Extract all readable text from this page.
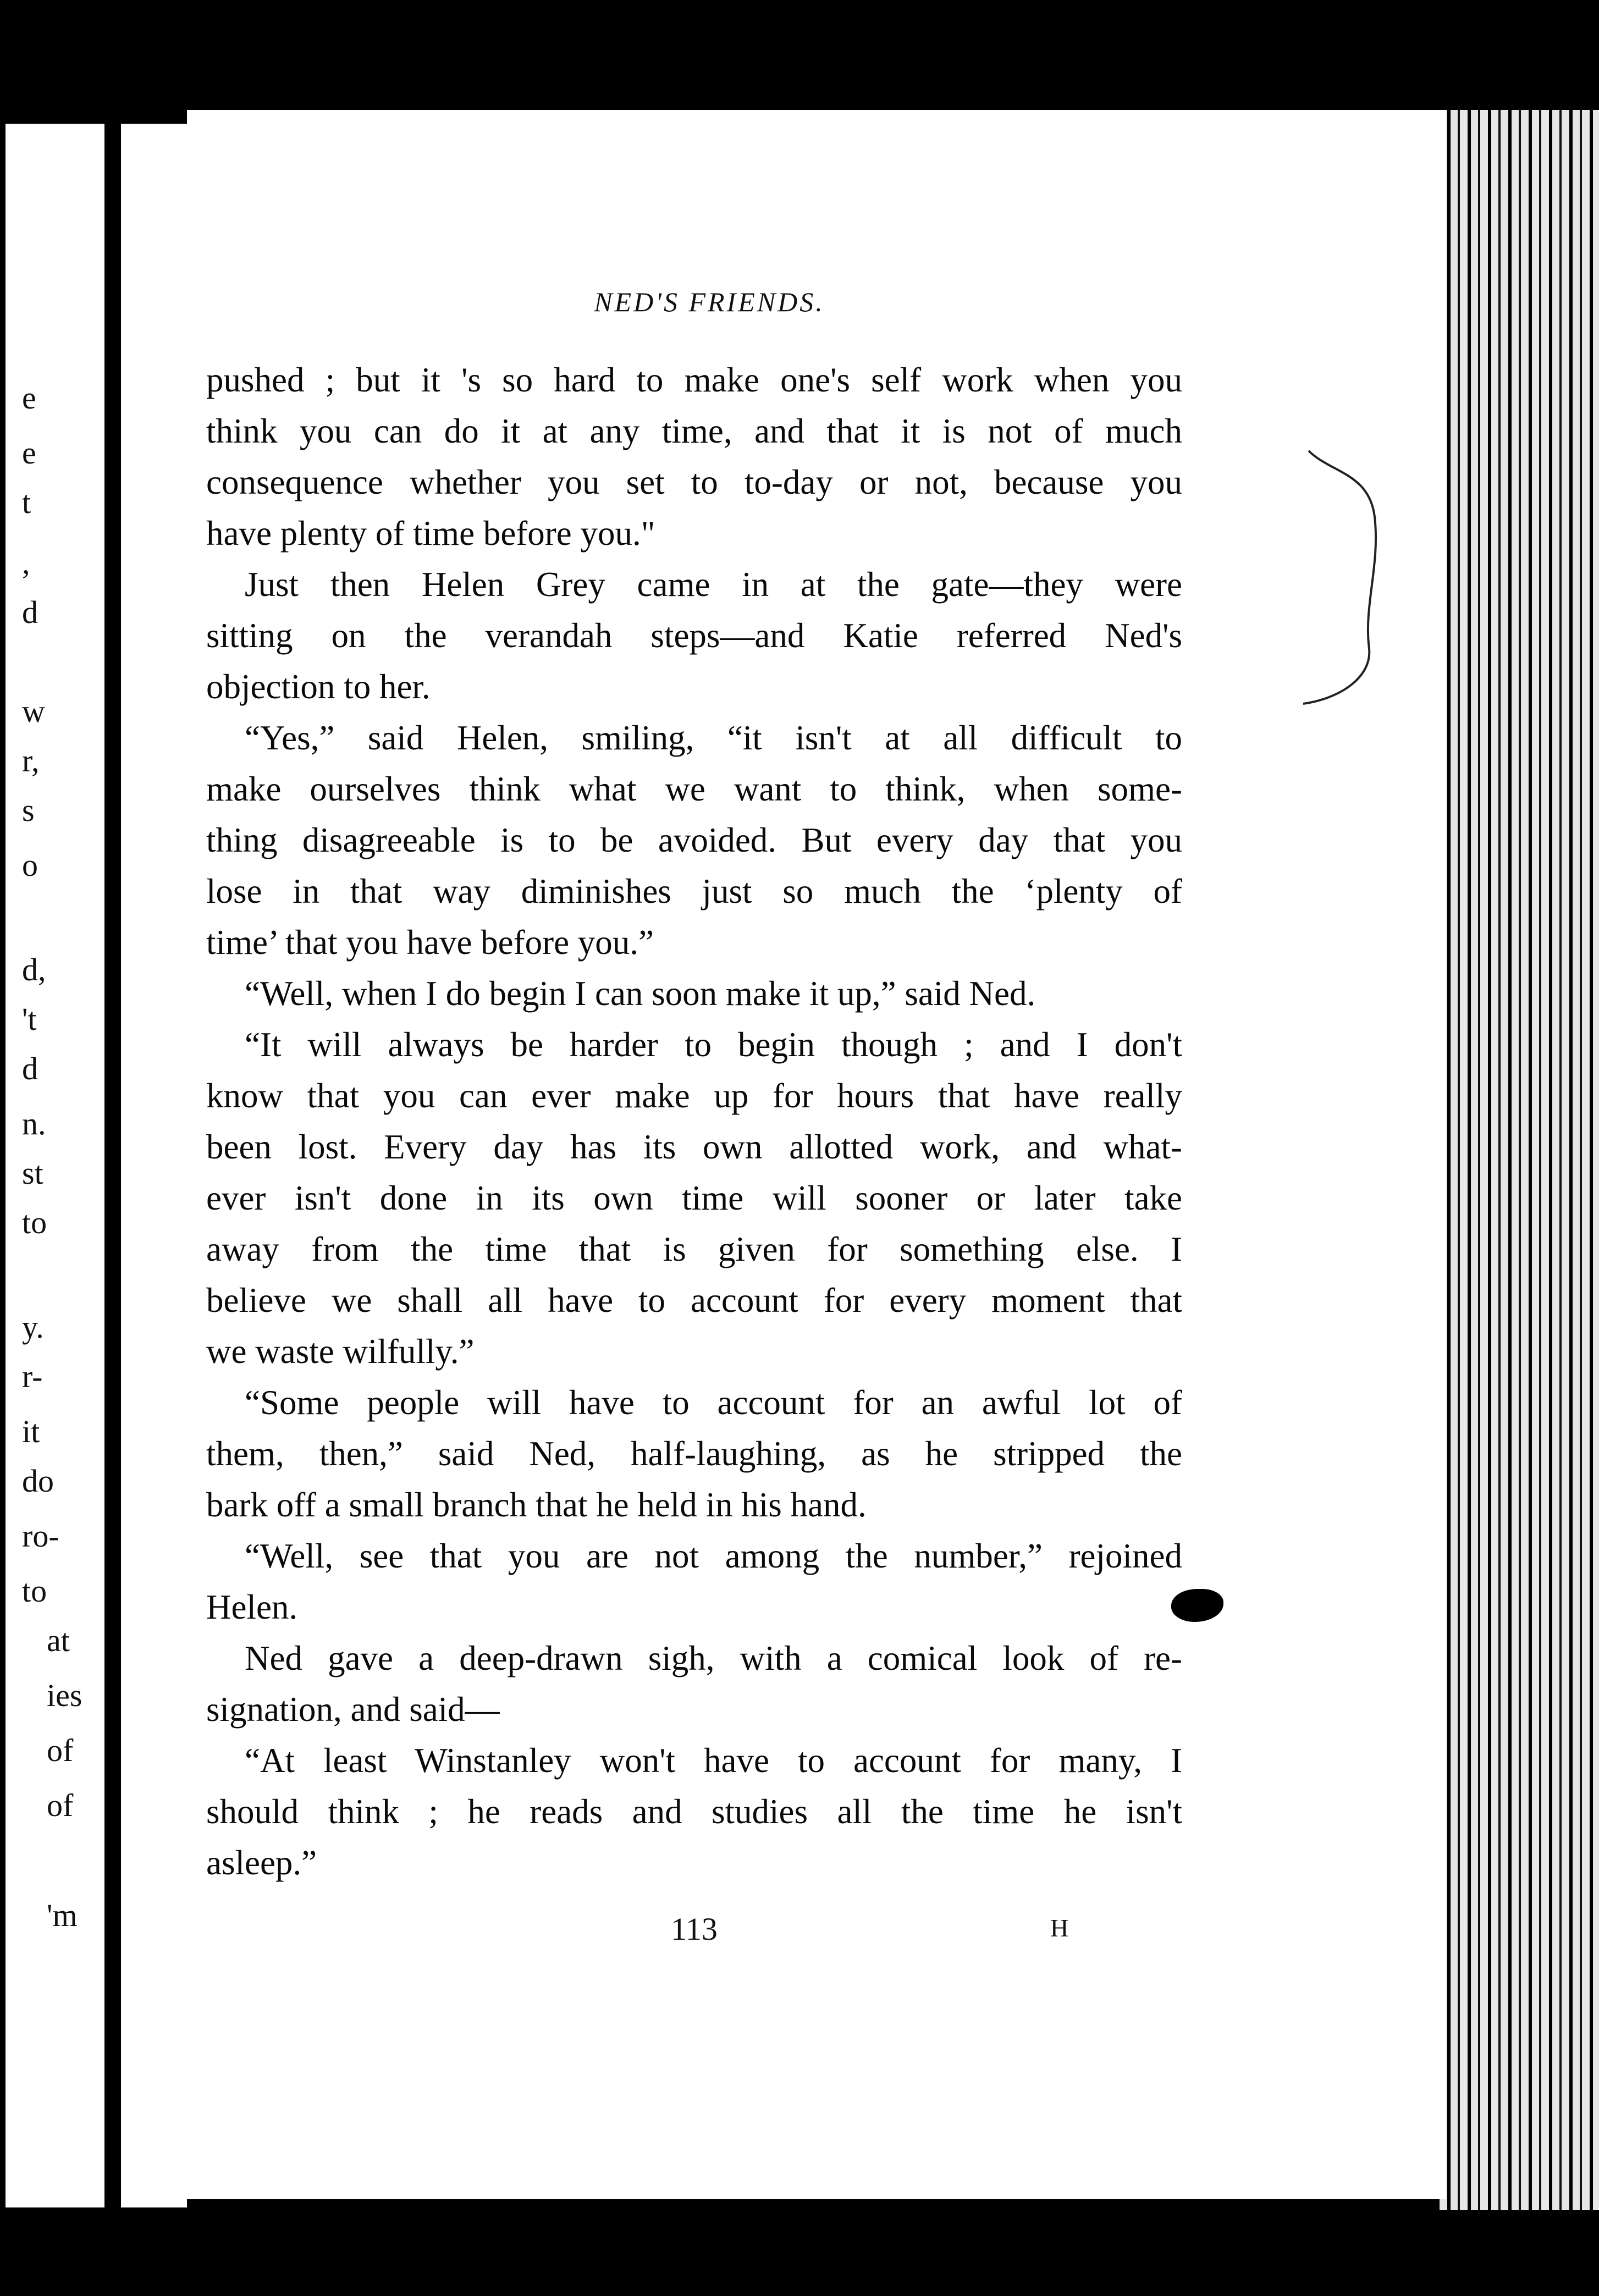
e
e
t
,
d
w
r,
s
o
d,
't
d
n.
st
to
y.
r-
it
do
ro-
to
at
ies
of
of
'm
NED'S FRIENDS.
pushed ; but it 's so hard to make one's self work when you
think you can do it at any time, and that it is not of much
consequence whether you set to to-day or not, because you
have plenty of time before you."
Just then Helen Grey came in at the gate—they were
sitting on the verandah steps—and Katie referred Ned's
objection to her.
“Yes,” said Helen, smiling, “it isn't at all difficult to
make ourselves think what we want to think, when some-
thing disagreeable is to be avoided. But every day that you
lose in that way diminishes just so much the ‘plenty of
time’ that you have before you.”
“Well, when I do begin I can soon make it up,” said Ned.
“It will always be harder to begin though ; and I don't
know that you can ever make up for hours that have really
been lost. Every day has its own allotted work, and what-
ever isn't done in its own time will sooner or later take
away from the time that is given for something else. I
believe we shall all have to account for every moment that
we waste wilfully.”
“Some people will have to account for an awful lot of
them, then,” said Ned, half-laughing, as he stripped the
bark off a small branch that he held in his hand.
“Well, see that you are not among the number,” rejoined
Helen.
Ned gave a deep-drawn sigh, with a comical look of re-
signation, and said—
“At least Winstanley won't have to account for many, I
should think ; he reads and studies all the time he isn't
asleep.”
113	H
